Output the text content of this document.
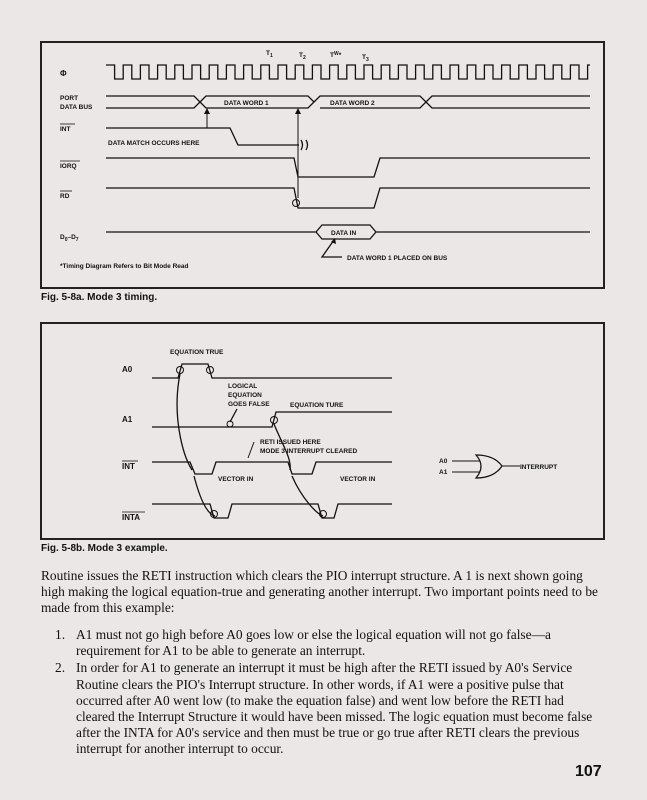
Φ
PORT
DATA BUS
INT
IORQ
RD
$D_0-D_7$
$T_1$	$T_2$	$T^W*$	$T_3$
DATA WORD 1	DATA WORD 2
DATA MATCH OCCURS HERE
DATA IN
DATA WORD 1 PLACED ON BUS
*Timing Diagram Refers to Bit Mode Read
Fig. 5-8a. Mode 3 timing.
A0
A1
INT
INTA
EQUATION TRUE
LOGICAL
EQUATION
GOES FALSE	EQUATION TURE
RETI ISSUED HERE
MODE 3 INTERRUPT CLEARED
VECTOR IN	VECTOR IN
A0
A1
INTERRUPT
Fig. 5-8b. Mode 3 example.

Routine issues the RETI instruction which clears the PIO interrupt structure. A 1 is next shown going high making the logical equation-true and generating another interrupt. Two important points need to be made from this example:

1. A1 must not go high before A0 goes low or else the logical equation will not go false—a requirement for A1 to be able to generate an interrupt.
2. In order for A1 to generate an interrupt it must be high after the RETI issued by A0's Service Routine clears the PIO's Interrupt structure. In other words, if A1 were a positive pulse that occurred after A0 went low (to make the equation false) and went low before the RETI had cleared the Interrupt Structure it would have been missed. The logic equation must become false after the INTA for A0's service and then must be true or go true after RETI clears the previous interrupt for another interrupt to occur.
107
